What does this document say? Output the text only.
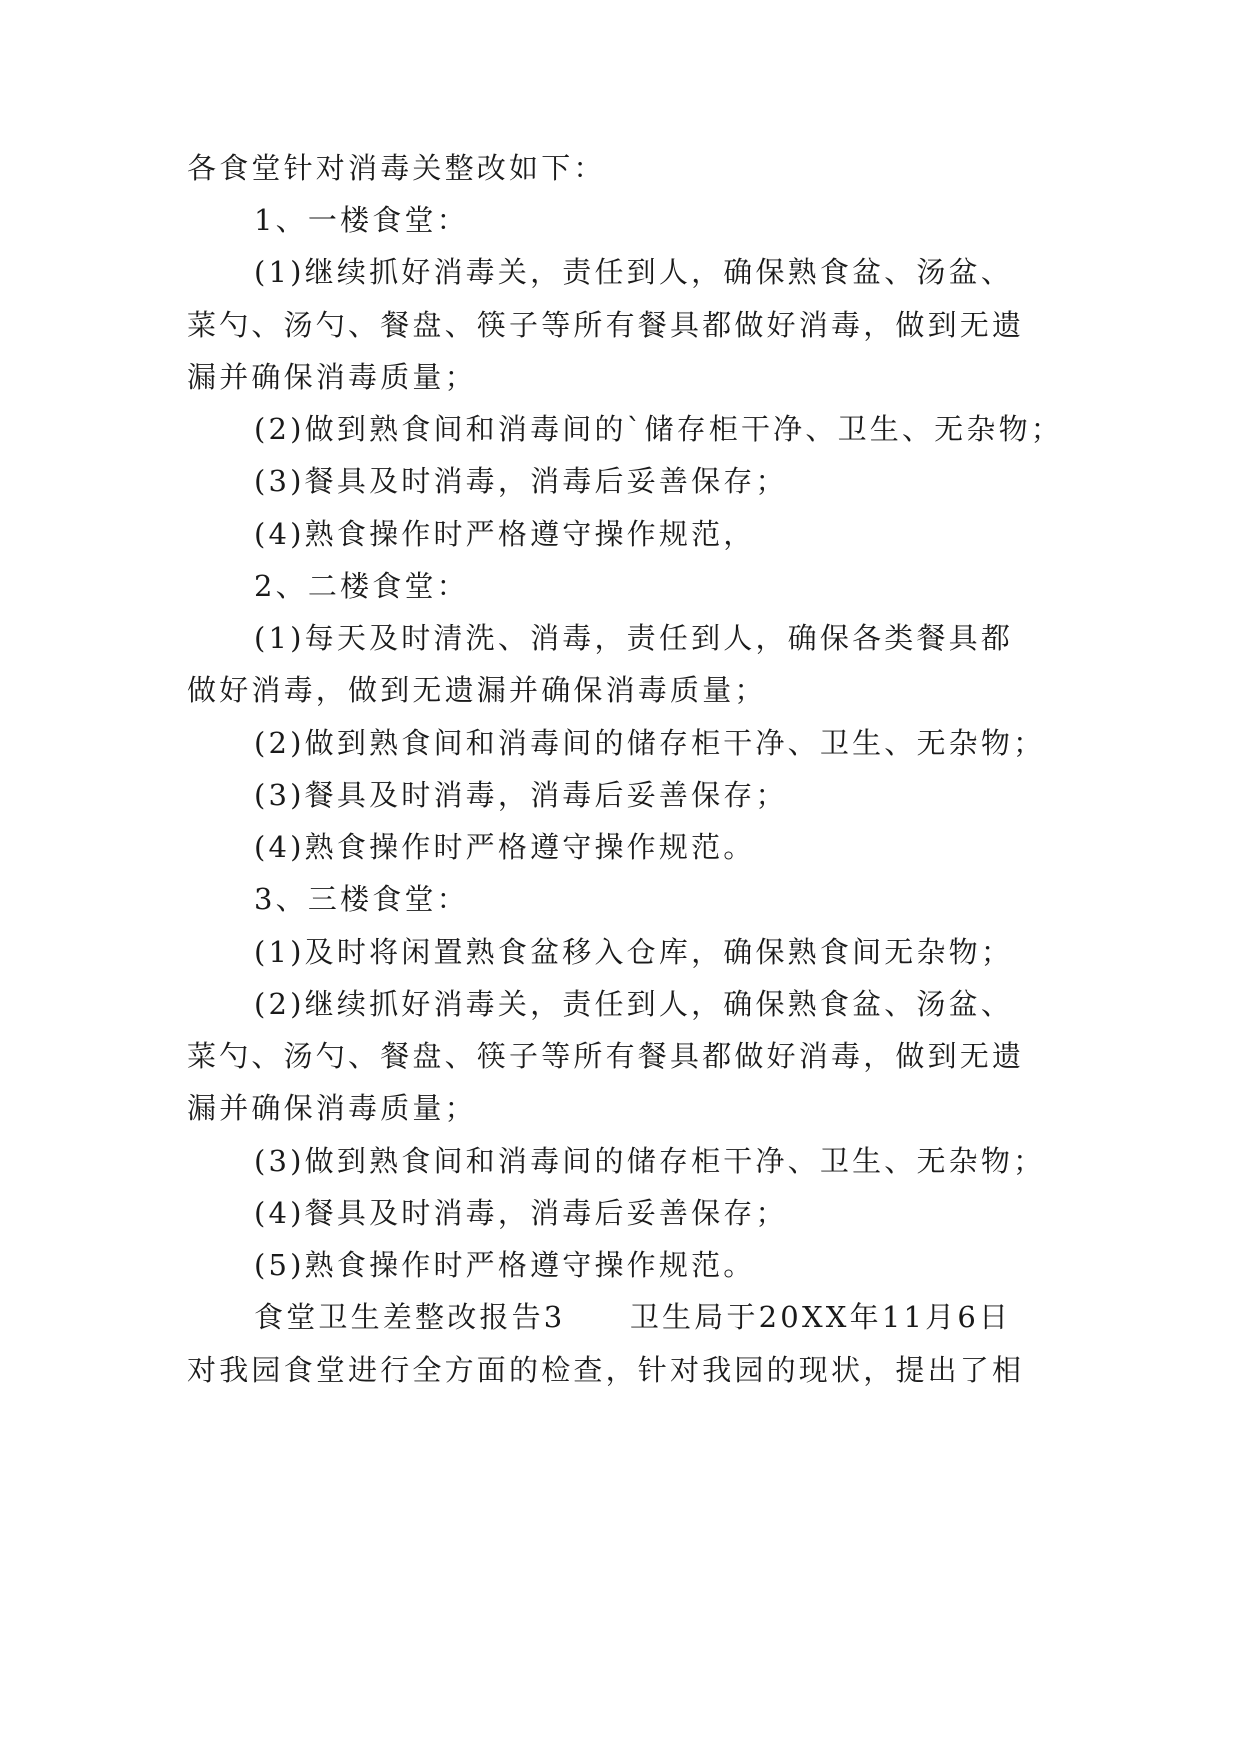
各食堂针对消毒关整改如下：
1、一楼食堂：
(1)继续抓好消毒关，责任到人，确保熟食盆、汤盆、
菜勺、汤勺、餐盘、筷子等所有餐具都做好消毒，做到无遗
漏并确保消毒质量；
(2)做到熟食间和消毒间的`储存柜干净、卫生、无杂物；
(3)餐具及时消毒，消毒后妥善保存；
(4)熟食操作时严格遵守操作规范，
2、二楼食堂：
(1)每天及时清洗、消毒，责任到人，确保各类餐具都
做好消毒，做到无遗漏并确保消毒质量；
(2)做到熟食间和消毒间的储存柜干净、卫生、无杂物；
(3)餐具及时消毒，消毒后妥善保存；
(4)熟食操作时严格遵守操作规范。
3、三楼食堂：
(1)及时将闲置熟食盆移入仓库，确保熟食间无杂物；
(2)继续抓好消毒关，责任到人，确保熟食盆、汤盆、
菜勺、汤勺、餐盘、筷子等所有餐具都做好消毒，做到无遗
漏并确保消毒质量；
(3)做到熟食间和消毒间的储存柜干净、卫生、无杂物；
(4)餐具及时消毒，消毒后妥善保存；
(5)熟食操作时严格遵守操作规范。
食堂卫生差整改报告3　　卫生局于20XX年11月6日
对我园食堂进行全方面的检查，针对我园的现状，提出了相
